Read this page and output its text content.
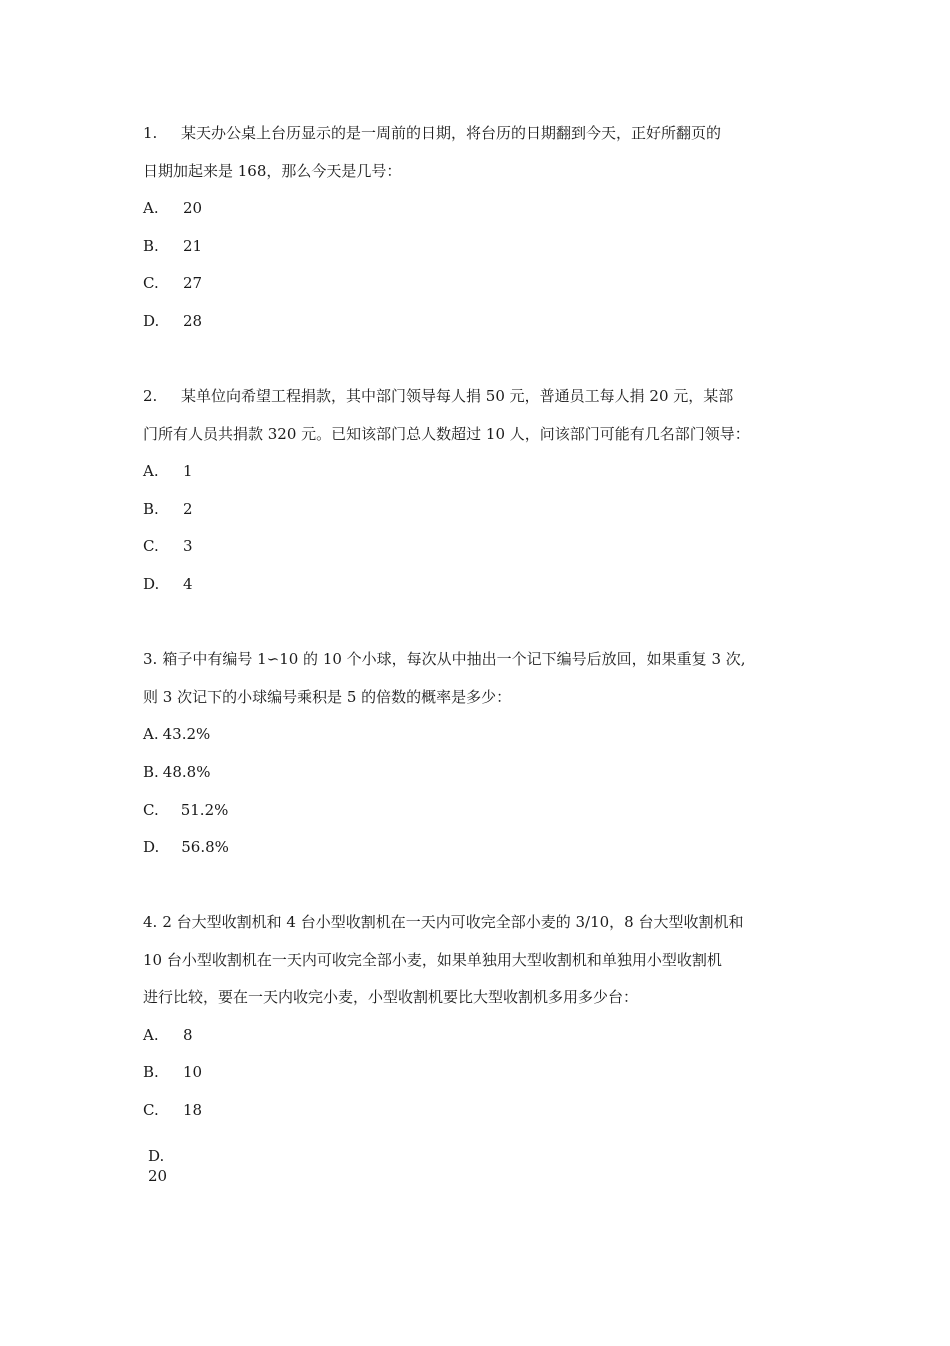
1. 某天办公桌上台历显示的是一周前的日期，将台历的日期翻到今天，正好所翻页的
日期加起来是 168，那么今天是几号：
A. 20
B. 21
C. 27
D. 28
2. 某单位向希望工程捐款，其中部门领导每人捐 50 元，普通员工每人捐 20 元，某部
门所有人员共捐款 320 元。已知该部门总人数超过 10 人，问该部门可能有几名部门领导：
A. 1
B. 2
C. 3
D. 4
3. 箱子中有编号 1∽10 的 10 个小球，每次从中抽出一个记下编号后放回，如果重复 3 次,
则 3 次记下的小球编号乘积是 5 的倍数的概率是多少：
A. 43.2%
B. 48.8%
C. 51.2%
D. 56.8%
4. 2 台大型收割机和 4 台小型收割机在一天内可收完全部小麦的 3/10，8 台大型收割机和
10 台小型收割机在一天内可收完全部小麦，如果单独用大型收割机和单独用小型收割机
进行比较，要在一天内收完小麦，小型收割机要比大型收割机多用多少台：
A. 8
B. 10
C. 18
D.
20
